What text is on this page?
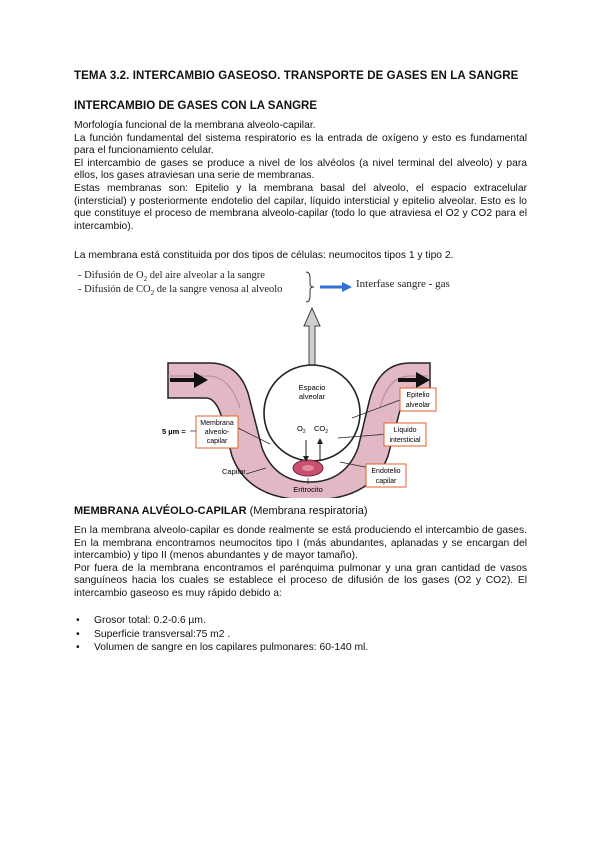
TEMA 3.2. INTERCAMBIO GASEOSO. TRANSPORTE DE GASES EN LA SANGRE
INTERCAMBIO DE GASES CON LA SANGRE

Morfología funcional de la membrana alveolo-capilar.

La función fundamental del sistema respiratorio es la entrada de oxígeno y esto es fundamental para el funcionamiento celular.

El intercambio de gases se produce a nivel de los alvéolos (a nivel terminal del alveolo) y para ellos, los gases atraviesan una serie de membranas.

Estas membranas son: Epitelio y la membrana basal del alveolo, el espacio extracelular (intersticial) y posteriormente endotelio del capilar, líquido intersticial y epitelio alveolar. Esto es lo que constituye el proceso de membrana alveolo-capilar (todo lo que atraviesa el O2 y CO2 para el intercambio).

La membrana está constituida por dos tipos de células: neumocitos tipos 1 y tipo 2.

- Difusión de $O_2$ del aire alveolar a la sangre
- Difusión de $CO_2$ de la sangre venosa al alveolo	Interfase sangre - gas
Espacio
alveolar
$O_2$ $CO_2$
Epitelio
alveolar
Líquido
intersticial
Endotelio
capilar
Membrana
alveolo-
capilar
5 µm =
Capilar
Eritrocito
MEMBRANA ALVÉOLO-CAPILAR (Membrana respiratoria)

En la membrana alveolo-capilar es donde realmente se está produciendo el intercambio de gases. En la membrana encontramos neumocitos tipo I (más abundantes, aplanadas y se encargan del intercambio) y tipo II (menos abundantes y de mayor tamaño).

Por fuera de la membrana encontramos el parénquima pulmonar y una gran cantidad de vasos sanguíneos hacia los cuales se establece el proceso de difusión de los gases (O2 y CO2). El intercambio gaseoso es muy rápido debido a:

• Grosor total: 0.2-0.6 µm.
• Superficie transversal:75 m2 .
• Volumen de sangre en los capilares pulmonares: 60-140 ml.
